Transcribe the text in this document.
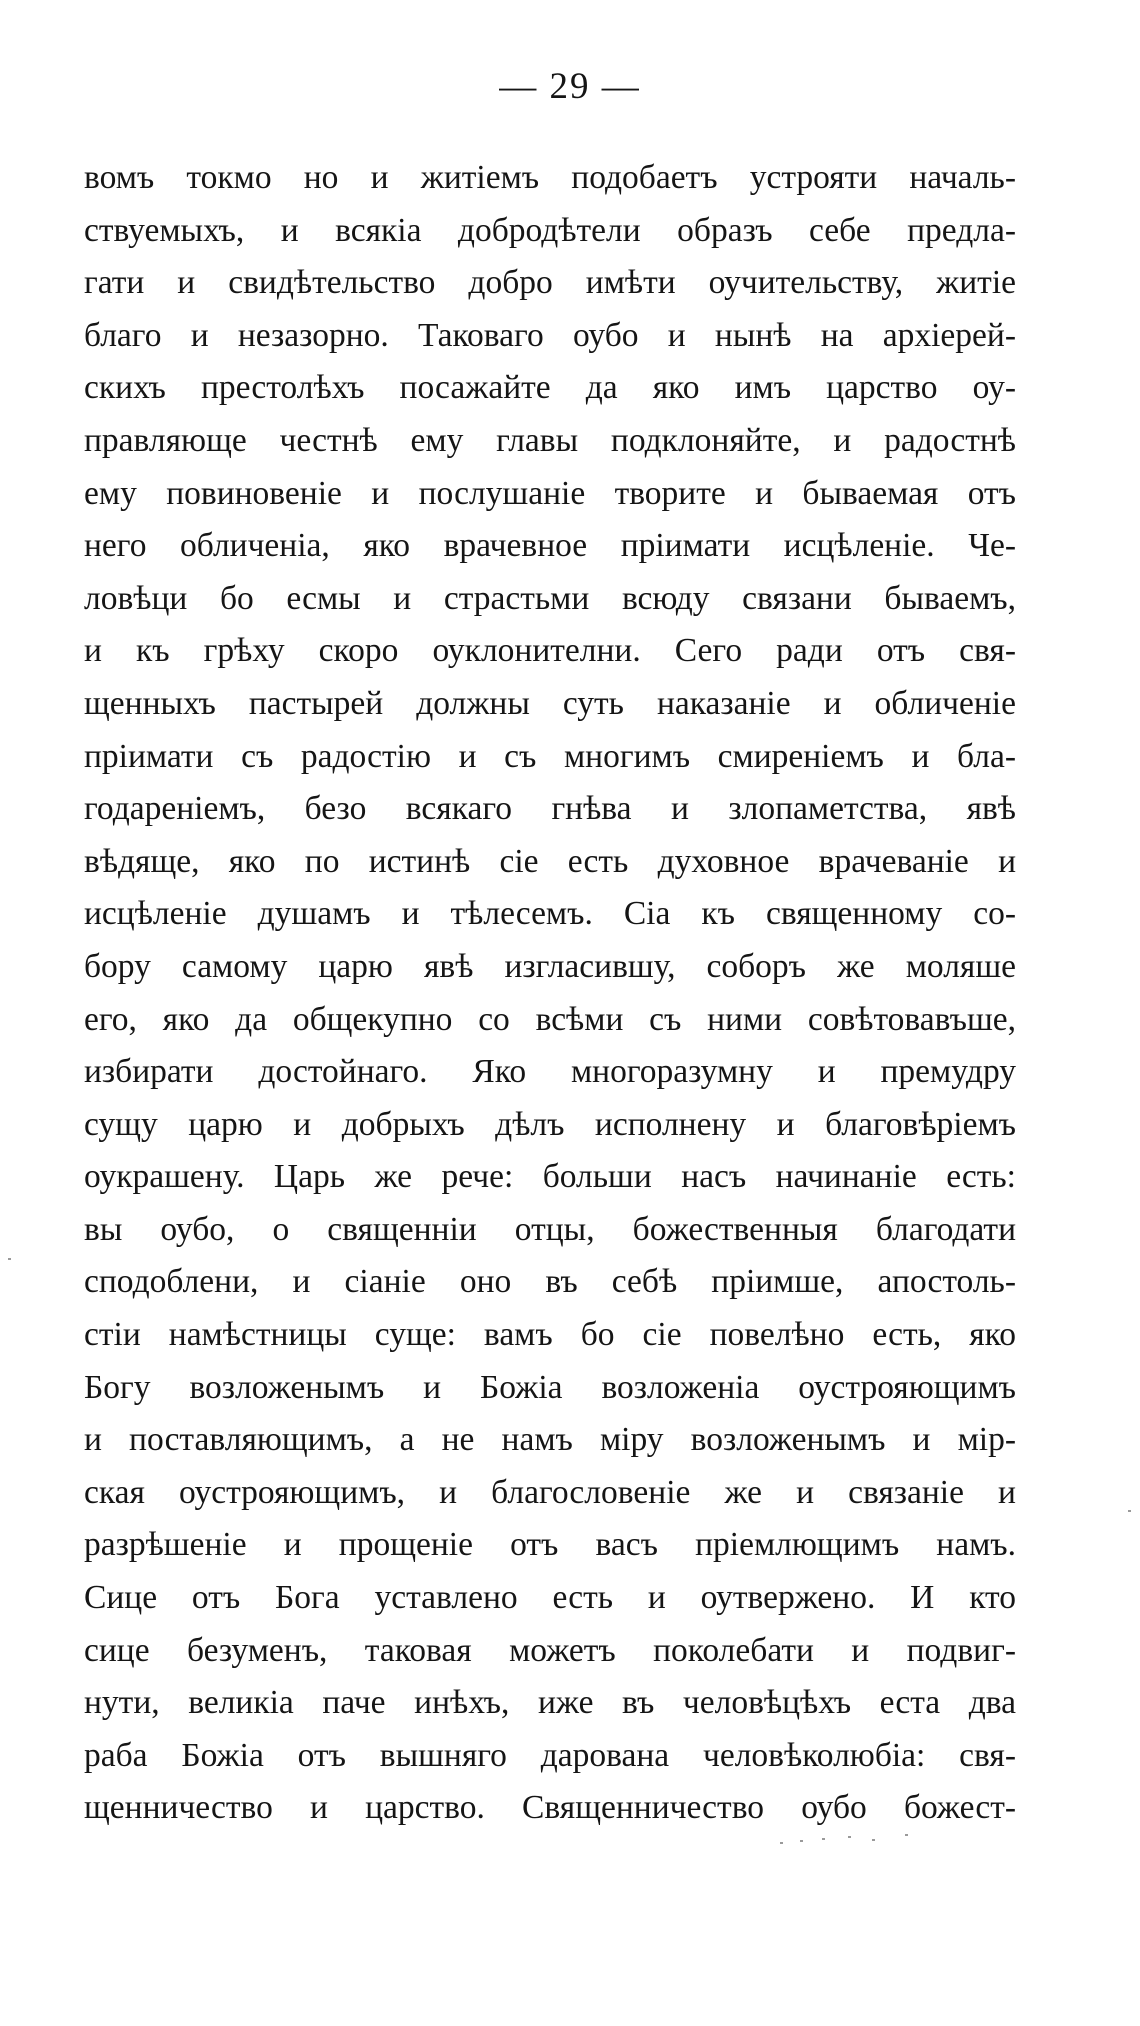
— 29 —
вомъ токмо но и житіемъ подобаетъ устрояти началь-
ствуемыхъ, и всякіа добродѣтели образъ себе предла-
гати и свидѣтельство добро имѣти оучительству, житіе
благо и незазорно. Таковаго оубо и нынѣ на архіерей-
скихъ престолѣхъ посажайте да яко имъ царство оу-
правляюще честнѣ ему главы подклоняйте, и радостнѣ
ему повиновеніе и послушаніе творите и бываемая отъ
него обличеніа, яко врачевное пріимати исцѣленіе. Че-
ловѣци бо есмы и страстьми всюду связани бываемъ,
и къ грѣху скоро оуклонителни. Сего ради отъ свя-
щенныхъ пастырей должны суть наказаніе и обличеніе
пріимати съ радостію и съ многимъ смиреніемъ и бла-
годареніемъ, безо всякаго гнѣва и злопаметства, явѣ
вѣдяще, яко по истинѣ сіе есть духовное врачеваніе и
исцѣленіе душамъ и тѣлесемъ. Сіа къ священному со-
бору самому царю явѣ изгласившу, соборъ же моляше
его, яко да общекупно со всѣми съ ними совѣтовавъше,
избирати достойнаго. Яко многоразумну и премудру
сущу царю и добрыхъ дѣлъ исполнену и благовѣріемъ
оукрашену. Царь же рече: больши насъ начинаніе есть:
вы оубо, о священніи отцы, божественныя благодати
сподоблени, и сіаніе оно въ себѣ пріимше, апостоль-
стіи намѣстницы суще: вамъ бо сіе повелѣно есть, яко
Богу возложенымъ и Божіа возложеніа оустрояющимъ
и поставляющимъ, а не намъ міру возложенымъ и мір-
ская оустрояющимъ, и благословеніе же и связаніе и
разрѣшеніе и прощеніе отъ васъ пріемлющимъ намъ.
Сице отъ Бога уставлено есть и оутвержено. И кто
сице безуменъ, таковая можетъ поколебати и подвиг-
нути, великіа паче инѣхъ, иже въ человѣцѣхъ еста два
раба Божіа отъ вышняго дарована человѣколюбіа: свя-
щенничество и царство. Священничество оубо божест-
